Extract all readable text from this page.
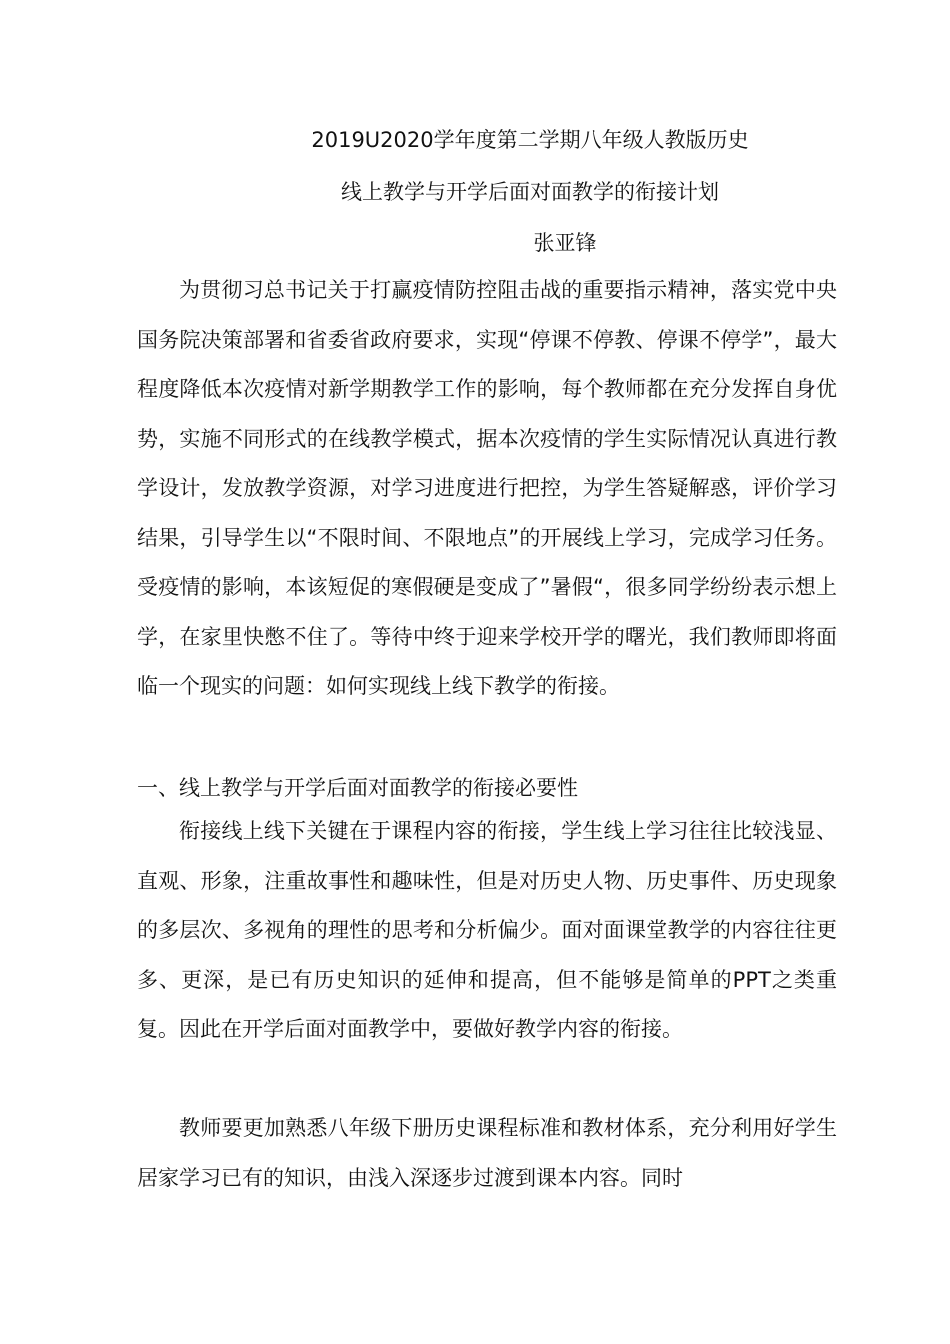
2019U2020学年度第二学期八年级人教版历史
线上教学与开学后面对面教学的衔接计划
张亚锋

为贯彻习总书记关于打赢疫情防控阻击战的重要指示精神，落实党中央国务院决策部署和省委省政府要求，实现“停课不停教、停课不停学”，最大程度降低本次疫情对新学期教学工作的影响，每个教师都在充分发挥自身优势，实施不同形式的在线教学模式，据本次疫情的学生实际情况认真进行教学设计，发放教学资源，对学习进度进行把控，为学生答疑解惑，评价学习结果，引导学生以“不限时间、不限地点”的开展线上学习，完成学习任务。受疫情的影响，本该短促的寒假硬是变成了”暑假“，很多同学纷纷表示想上学，在家里快憋不住了。等待中终于迎来学校开学的曙光，我们教师即将面临一个现实的问题：如何实现线上线下教学的衔接。

一、线上教学与开学后面对面教学的衔接必要性

衔接线上线下关键在于课程内容的衔接，学生线上学习往往比较浅显、直观、形象，注重故事性和趣味性，但是对历史人物、历史事件、历史现象的多层次、多视角的理性的思考和分析偏少。面对面课堂教学的内容往往更多、更深，是已有历史知识的延伸和提高，但不能够是简单的PPT之类重复。因此在开学后面对面教学中，要做好教学内容的衔接。

教师要更加熟悉八年级下册历史课程标准和教材体系，充分利用好学生居家学习已有的知识，由浅入深逐步过渡到课本内容。同时
